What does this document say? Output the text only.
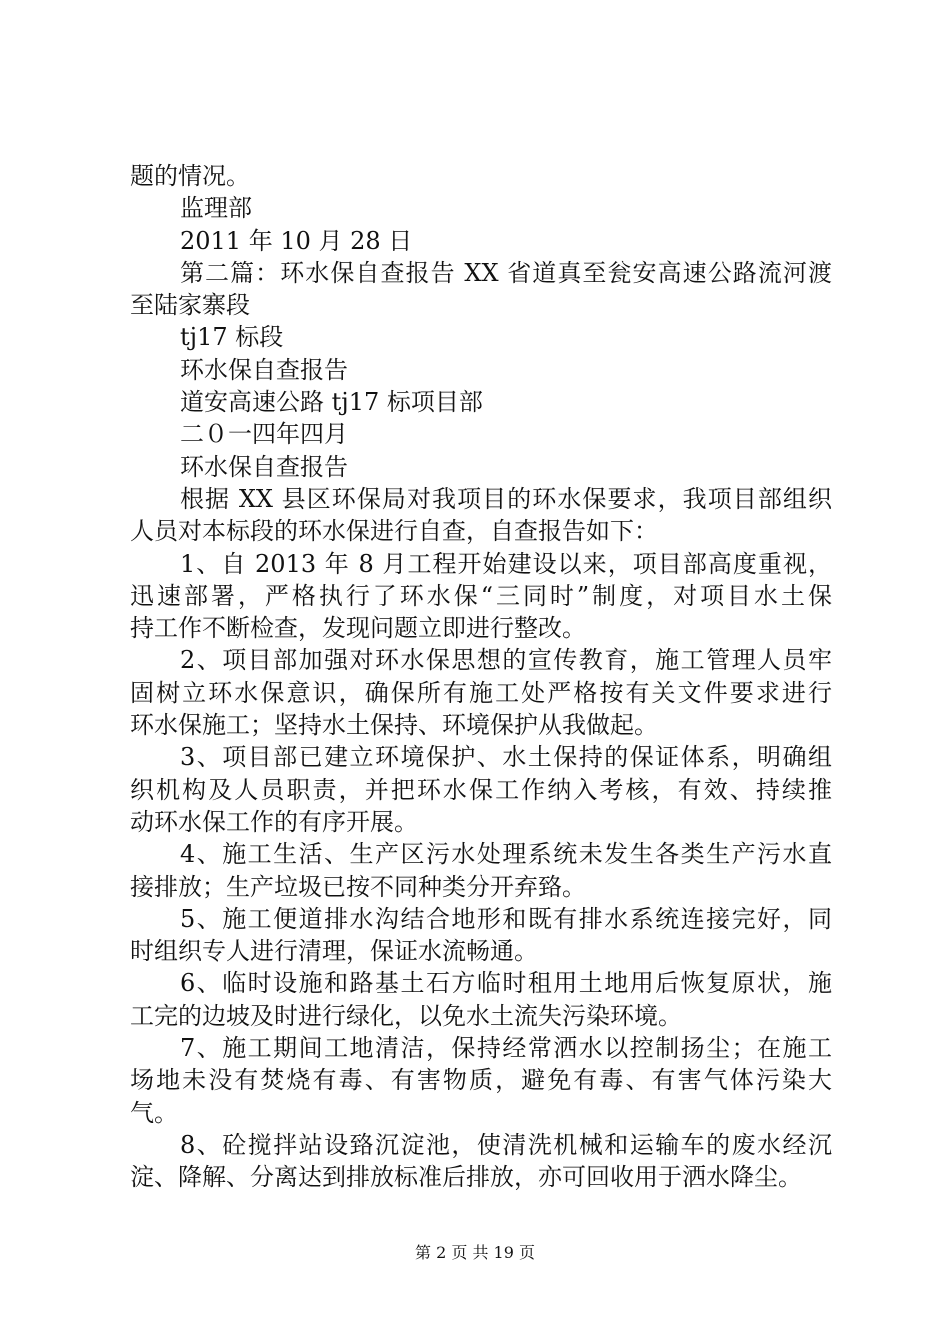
题的情况。
监理部
2011 年 10 月 28 日
第二篇：环水保自查报告 XX 省道真至瓮安高速公路流河渡
至陆家寨段
tj17 标段
环水保自查报告
道安高速公路 tj17 标项目部
二０一四年四月
环水保自查报告
根据 XX 县区环保局对我项目的环水保要求，我项目部组织
人员对本标段的环水保进行自查，自查报告如下：
1、自 2013 年 8 月工程开始建设以来，项目部高度重视，
迅速部署，严格执行了环水保“三同时”制度，对项目水土保
持工作不断检查，发现问题立即进行整改。
2、项目部加强对环水保思想的宣传教育，施工管理人员牢
固树立环水保意识，确保所有施工处严格按有关文件要求进行
环水保施工；坚持水土保持、环境保护从我做起。
3、项目部已建立环境保护、水土保持的保证体系，明确组
织机构及人员职责，并把环水保工作纳入考核，有效、持续推
动环水保工作的有序开展。
4、施工生活、生产区污水处理系统未发生各类生产污水直
接排放；生产垃圾已按不同种类分开弃臵。
5、施工便道排水沟结合地形和既有排水系统连接完好，同
时组织专人进行清理，保证水流畅通。
6、临时设施和路基土石方临时租用土地用后恢复原状，施
工完的边坡及时进行绿化，以免水土流失污染环境。
7、施工期间工地清洁，保持经常洒水以控制扬尘；在施工
场地未没有焚烧有毒、有害物质，避免有毒、有害气体污染大
气。
8、砼搅拌站设臵沉淀池，使清洗机械和运输车的废水经沉
淀、降解、分离达到排放标准后排放，亦可回收用于洒水降尘。
第 2 页 共 19 页
